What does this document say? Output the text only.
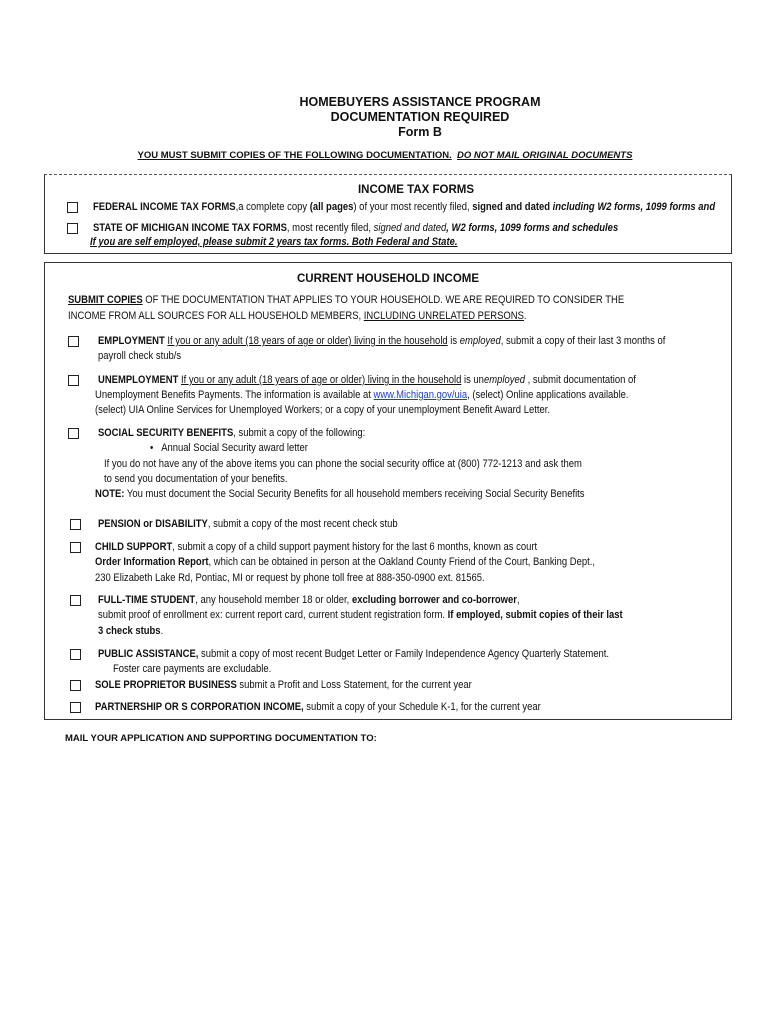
HOMEBUYERS ASSISTANCE PROGRAM
DOCUMENTATION REQUIRED
Form B
YOU MUST SUBMIT COPIES OF THE FOLLOWING DOCUMENTATION. DO NOT MAIL ORIGINAL DOCUMENTS
INCOME TAX FORMS
FEDERAL INCOME TAX FORMS,a complete copy (all pages) of your most recently filed, signed and dated including W2 forms, 1099 forms and
STATE OF MICHIGAN INCOME TAX FORMS, most recently filed, signed and dated, W2 forms, 1099 forms and schedules
If you are self employed, please submit 2 years tax forms. Both Federal and State.
CURRENT HOUSEHOLD INCOME
SUBMIT COPIES OF THE DOCUMENTATION THAT APPLIES TO YOUR HOUSEHOLD. WE ARE REQUIRED TO CONSIDER THE
INCOME FROM ALL SOURCES FOR ALL HOUSEHOLD MEMBERS, INCLUDING UNRELATED PERSONS.
EMPLOYMENT If you or any adult (18 years of age or older) living in the household is employed, submit a copy of their last 3 months of
payroll check stub/s
UNEMPLOYMENT If you or any adult (18 years of age or older) living in the household is unemployed , submit documentation of
Unemployment Benefits Payments. The information is available at www.Michigan.gov/uia, (select) Online applications available.
(select) UIA Online Services for Unemployed Workers; or a copy of your unemployment Benefit Award Letter.
SOCIAL SECURITY BENEFITS, submit a copy of the following:
• Annual Social Security award letter
If you do not have any of the above items you can phone the social security office at (800) 772-1213 and ask them
to send you documentation of your benefits.
NOTE: You must document the Social Security Benefits for all household members receiving Social Security Benefits
PENSION or DISABILITY, submit a copy of the most recent check stub
CHILD SUPPORT, submit a copy of a child support payment history for the last 6 months, known as court
Order Information Report, which can be obtained in person at the Oakland County Friend of the Court, Banking Dept.,
230 Elizabeth Lake Rd, Pontiac, MI or request by phone toll free at 888-350-0900 ext. 81565.
FULL-TIME STUDENT, any household member 18 or older, excluding borrower and co-borrower,
submit proof of enrollment ex: current report card, current student registration form. If employed, submit copies of their last
3 check stubs.
PUBLIC ASSISTANCE, submit a copy of most recent Budget Letter or Family Independence Agency Quarterly Statement.
Foster care payments are excludable.
SOLE PROPRIETOR BUSINESS submit a Profit and Loss Statement, for the current year
PARTNERSHIP OR S CORPORATION INCOME, submit a copy of your Schedule K-1, for the current year
MAIL YOUR APPLICATION AND SUPPORTING DOCUMENTATION TO:
